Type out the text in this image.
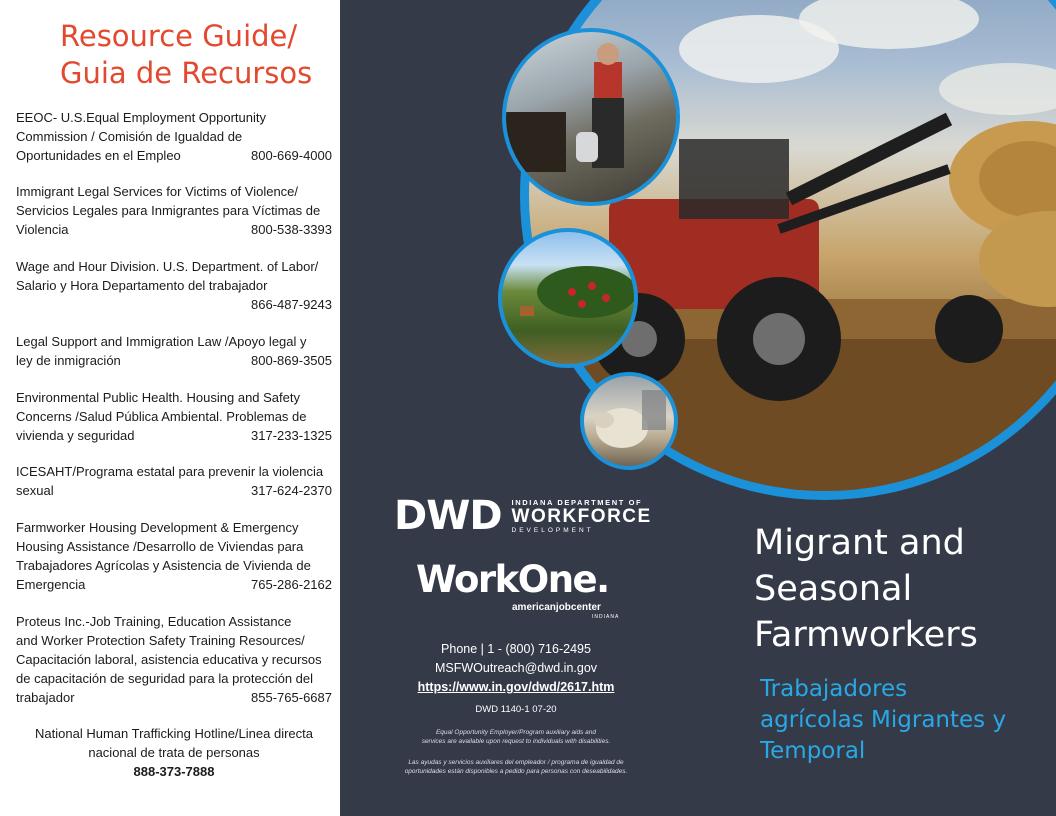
Resource Guide/
Guia de Recursos
EEOC- U.S.Equal Employment Opportunity
Commission / Comisión de Igualdad de
Oportunidades en el Empleo	800-669-4000
Immigrant Legal Services for Victims of Violence/
Servicios Legales para Inmigrantes para Víctimas de
Violencia	800-538-3393
Wage and Hour Division. U.S. Department. of Labor/
Salario y Hora Departamento del trabajador
866-487-9243
Legal Support and Immigration Law /Apoyo legal y
ley de inmigración	800-869-3505
Environmental Public Health. Housing and Safety
Concerns /Salud Pública Ambiental. Problemas de
vivienda y seguridad	317-233-1325
ICESAHT/Programa estatal para prevenir la violencia
sexual	317-624-2370
Farmworker Housing Development & Emergency
Housing Assistance /Desarrollo de Viviendas para
Trabajadores Agrícolas y Asistencia de Vivienda de
Emergencia	765-286-2162
Proteus Inc.-Job Training, Education Assistance
and Worker Protection Safety Training Resources/
Capacitación laboral, asistencia educativa y recursos
de capacitación de seguridad para la protección del
trabajador	855-765-6687
National Human Trafficking Hotline/Linea directa
nacional de trata de personas
888-373-7888
DWD INDIANA DEPARTMENT OF
WORKFORCE
DEVELOPMENT
WorkOne.
americanjobcenter
INDIANA
Phone | 1 - (800) 716-2495
MSFWOutreach@dwd.in.gov
https://www.in.gov/dwd/2617.htm
DWD 1140-1 07-20
Equal Opportunity Employer/Program auxiliary aids and
services are available upon request to individuals with disabilities.
Las ayudas y servicios auxiliares del empleador / programa de igualdad de
oportunidades están disponibles a pedido para personas con deseabilidades.
Migrant and
Seasonal
Farmworkers
Trabajadores
agrícolas Migrantes y
Temporal
